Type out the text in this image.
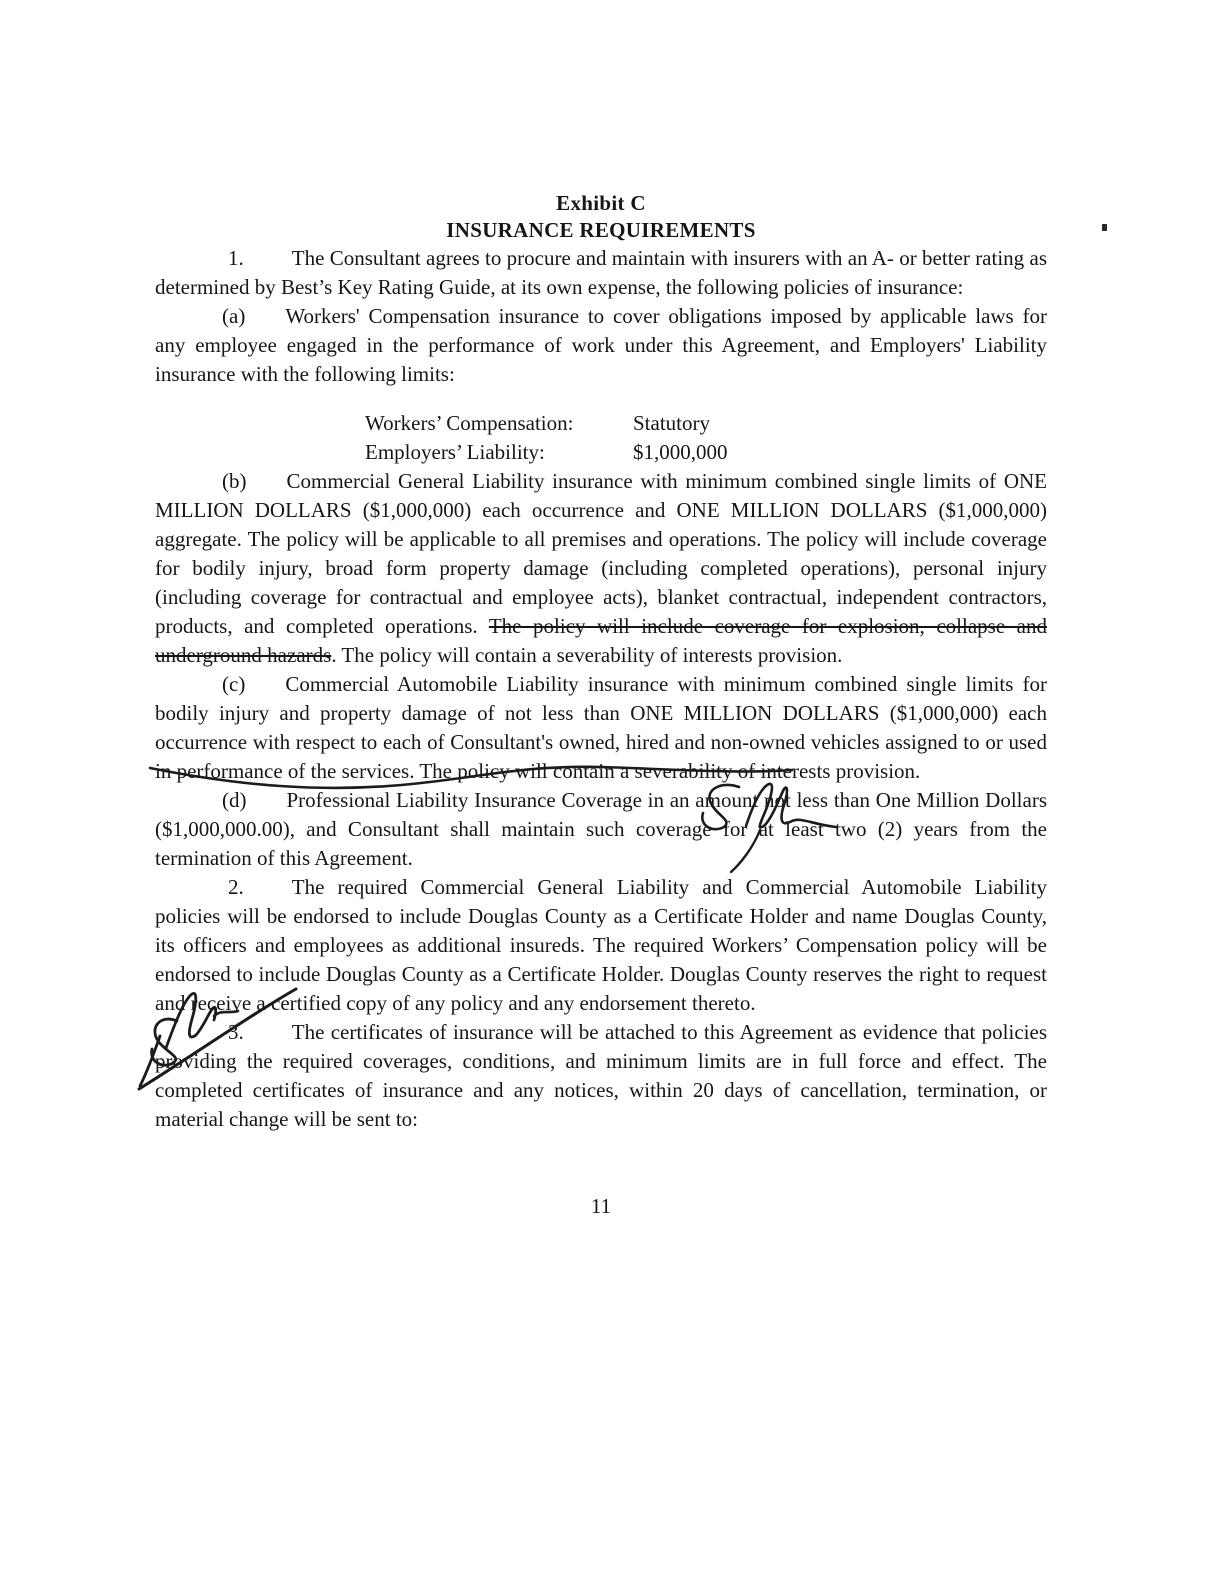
Exhibit C
INSURANCE REQUIREMENTS

1. The Consultant agrees to procure and maintain with insurers with an A- or better rating as determined by Best’s Key Rating Guide, at its own expense, the following policies of insurance:

(a) Workers' Compensation insurance to cover obligations imposed by applicable laws for any employee engaged in the performance of work under this Agreement, and Employers' Liability insurance with the following limits:

Workers’ Compensation:	Statutory
Employers’ Liability:	$1,000,000

(b) Commercial General Liability insurance with minimum combined single limits of ONE MILLION DOLLARS ($1,000,000) each occurrence and ONE MILLION DOLLARS ($1,000,000) aggregate. The policy will be applicable to all premises and operations. The policy will include coverage for bodily injury, broad form property damage (including completed operations), personal injury (including coverage for contractual and employee acts), blanket contractual, independent contractors, products, and completed operations. The policy will include coverage for explosion, collapse and underground hazards. The policy will contain a severability of interests provision.

(c) Commercial Automobile Liability insurance with minimum combined single limits for bodily injury and property damage of not less than ONE MILLION DOLLARS ($1,000,000) each occurrence with respect to each of Consultant's owned, hired and non-owned vehicles assigned to or used in performance of the services. The policy will contain a severability of interests provision.

(d) Professional Liability Insurance Coverage in an amount not less than One Million Dollars ($1,000,000.00), and Consultant shall maintain such coverage for at least two (2) years from the termination of this Agreement.

2. The required Commercial General Liability and Commercial Automobile Liability policies will be endorsed to include Douglas County as a Certificate Holder and name Douglas County, its officers and employees as additional insureds. The required Workers’ Compensation policy will be endorsed to include Douglas County as a Certificate Holder. Douglas County reserves the right to request and receive a certified copy of any policy and any endorsement thereto.

3. The certificates of insurance will be attached to this Agreement as evidence that policies providing the required coverages, conditions, and minimum limits are in full force and effect. The completed certificates of insurance and any notices, within 20 days of cancellation, termination, or material change will be sent to:

11
